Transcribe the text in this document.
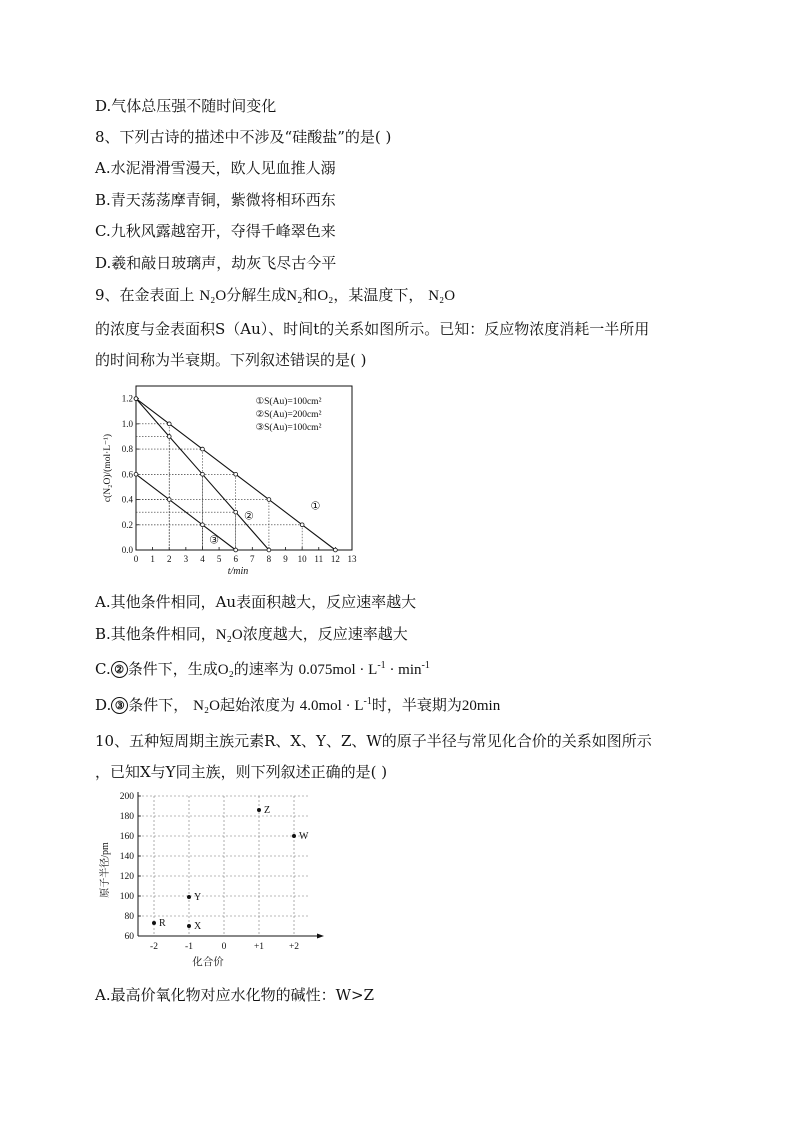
D.气体总压强不随时间变化
8、下列古诗的描述中不涉及“硅酸盐”的是( )
A.水泥滑滑雪漫天，欧人见血推人溺
B.青天荡荡摩青铜，紫微将相环西东
C.九秋风露越窑开，夺得千峰翠色来
D.羲和敲日玻璃声，劫灰飞尽古今平
9、在金表面上 N₂O分解生成N₂和O₂，某温度下， N₂O
的浓度与金表面积S（Au）、时间t的关系如图所示。已知：反应物浓度消耗一半所用
的时间称为半衰期。下列叙述错误的是( )
0 1 2 3 4 5 6 7 8 9 10 11 12 13
0.0
0.2
0.4
0.6
0.8
1.0
1.2
①
②
③
①S(Au)=100cm²
②S(Au)=200cm²
③S(Au)=100cm²
t/min
c(N₂O)/(mol·L⁻¹)
A.其他条件相同，Au表面积越大，反应速率越大
B.其他条件相同，N₂O浓度越大，反应速率越大
C. ② 条件下，生成O₂的速率为 $0.075mol \cdot L^{-1} \cdot \min^{-1}$
D. ③ 条件下， N₂O起始浓度为 $4.0mol \cdot L^{-1}$时，半衰期为20min
10、五种短周期主族元素R、X、Y、Z、W的原子半径与常见化合价的关系如图所示
，已知X与Y同主族，则下列叙述正确的是( )
60
80
100
120
140
160
180
200
-2	-1	0	+1	+2
R	X
Y
Z
W
化合价
原子半径/pm
A.最高价氧化物对应水化物的碱性：W>Z
